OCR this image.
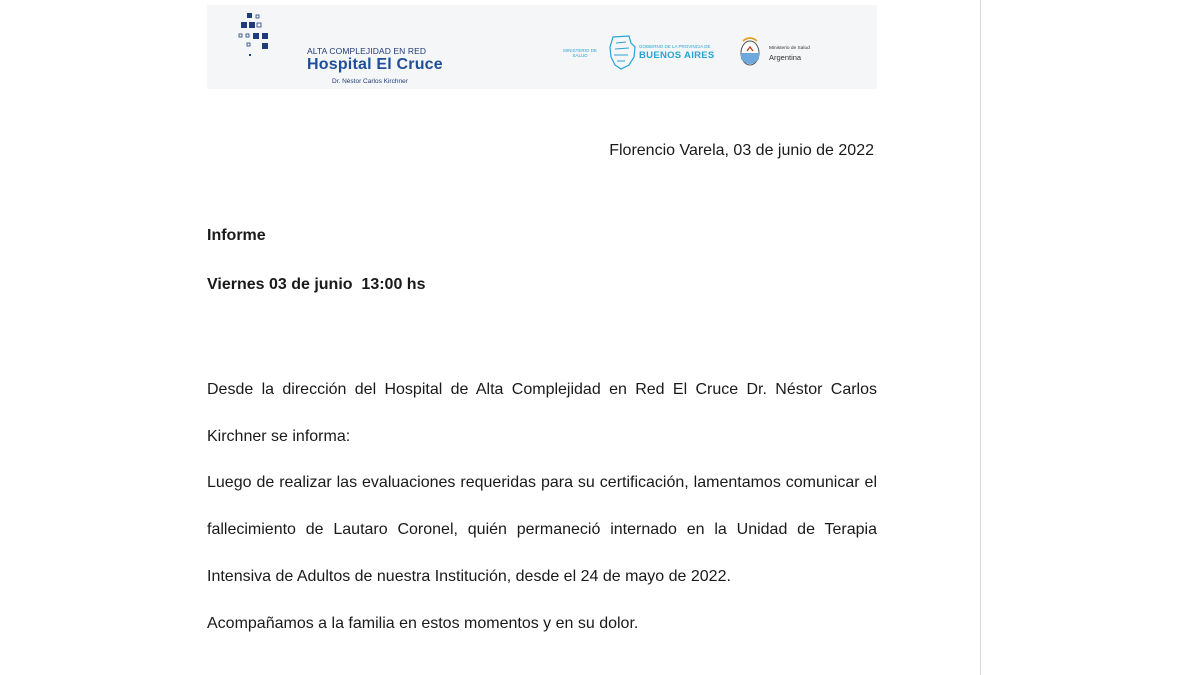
ALTA COMPLEJIDAD EN RED
Hospital El Cruce
Dr. Néstor Carlos Kirchner
MINISTERIO DE SALUD
GOBIERNO DE LA PROVINCIA DE
BUENOS AIRES
Ministerio de Salud
Argentina
Florencio Varela, 03 de junio de 2022
Informe
Viernes 03 de junio  13:00 hs

Desde la dirección del Hospital de Alta Complejidad en Red El Cruce Dr. Néstor Carlos Kirchner se informa:

Luego de realizar las evaluaciones requeridas para su certificación, lamentamos comunicar el fallecimiento de Lautaro Coronel, quién permaneció internado en la Unidad de Terapia Intensiva de Adultos de nuestra Institución, desde el 24 de mayo de 2022.

Acompañamos a la familia en estos momentos y en su dolor.
